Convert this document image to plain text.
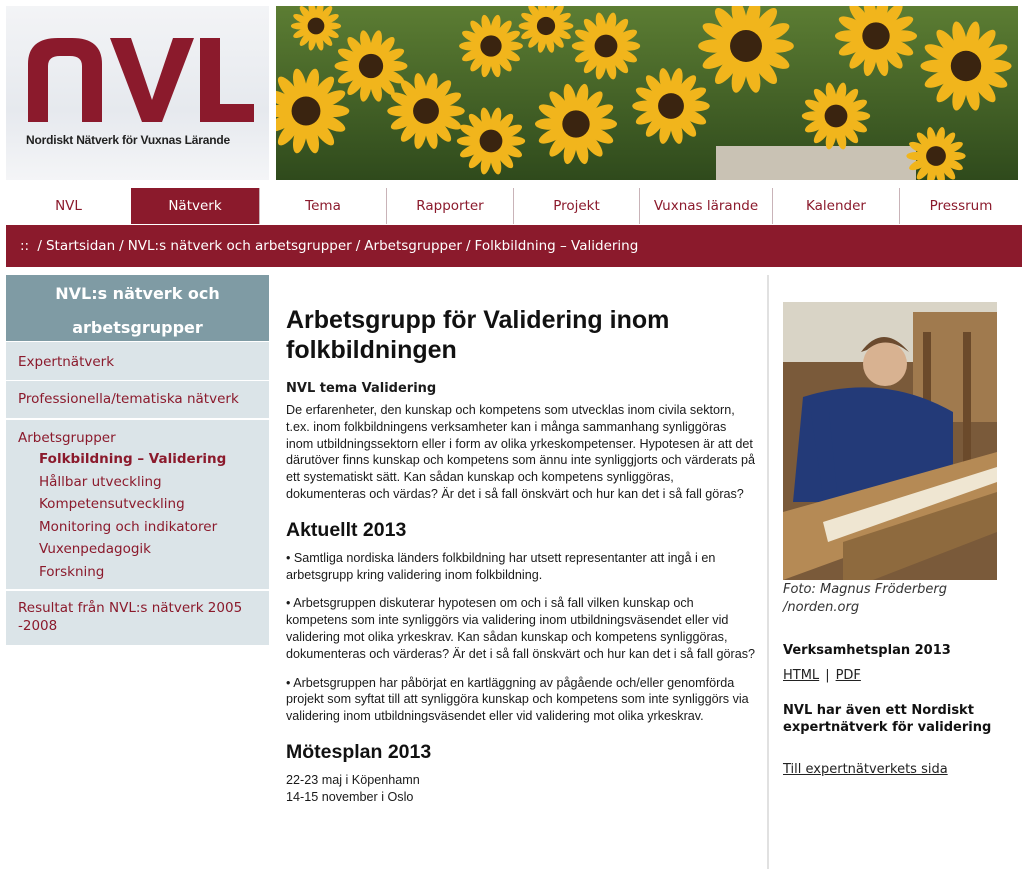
Nordiskt Nätverk för Vuxnas Lärande
NVL	Nätverk	Tema	Rapporter	Projekt	Vuxnas lärande	Kalender	Pressrum
::
/ Startsidan / NVL:s nätverk och arbetsgrupper / Arbetsgrupper / Folkbildning – Validering
NVL:s nätverk och arbetsgrupper
Expertnätverk
Professionella/tematiska nätverk
Arbetsgrupper
Folkbildning – Validering
Hållbar utveckling
Kompetensutveckling
Monitoring och indikatorer
Vuxenpedagogik
Forskning
Resultat från NVL:s nätverk 2005 -2008
Arbetsgrupp för Validering inom folkbildningen
NVL tema Validering

De erfarenheter, den kunskap och kompetens som utvecklas inom civila sektorn, t.ex. inom folkbildningens verksamheter kan i många sammanhang synliggöras inom utbildningssektorn eller i form av olika yrkeskompetenser. Hypotesen är att det därutöver finns kunskap och kompetens som ännu inte synliggjorts och värderats på ett systematiskt sätt. Kan sådan kunskap och kompetens synliggöras, dokumenteras och värdas? Är det i så fall önskvärt och hur kan det i så fall göras?

Aktuellt 2013

• Samtliga nordiska länders folkbildning har utsett representanter att ingå i en arbetsgrupp kring validering inom folkbildning.

• Arbetsgruppen diskuterar hypotesen om och i så fall vilken kunskap och kompetens som inte synliggörs via validering inom utbildningsväsendet eller vid validering mot olika yrkeskrav. Kan sådan kunskap och kompetens synliggöras, dokumenteras och värderas? Är det i så fall önskvärt och hur kan det i så fall göras?

• Arbetsgruppen har påbörjat en kartläggning av pågående och/eller genomförda projekt som syftat till att synliggöra kunskap och kompetens som inte synliggörs via validering inom utbildningsväsendet eller vid validering mot olika yrkeskrav.

Mötesplan 2013

22-23 maj i Köpenhamn

14-15 november i Oslo

Foto: Magnus Fröderberg /norden.org
Verksamhetsplan 2013
HTML | PDF
NVL har även ett Nordiskt expertnätverk för validering
Till expertnätverkets sida
